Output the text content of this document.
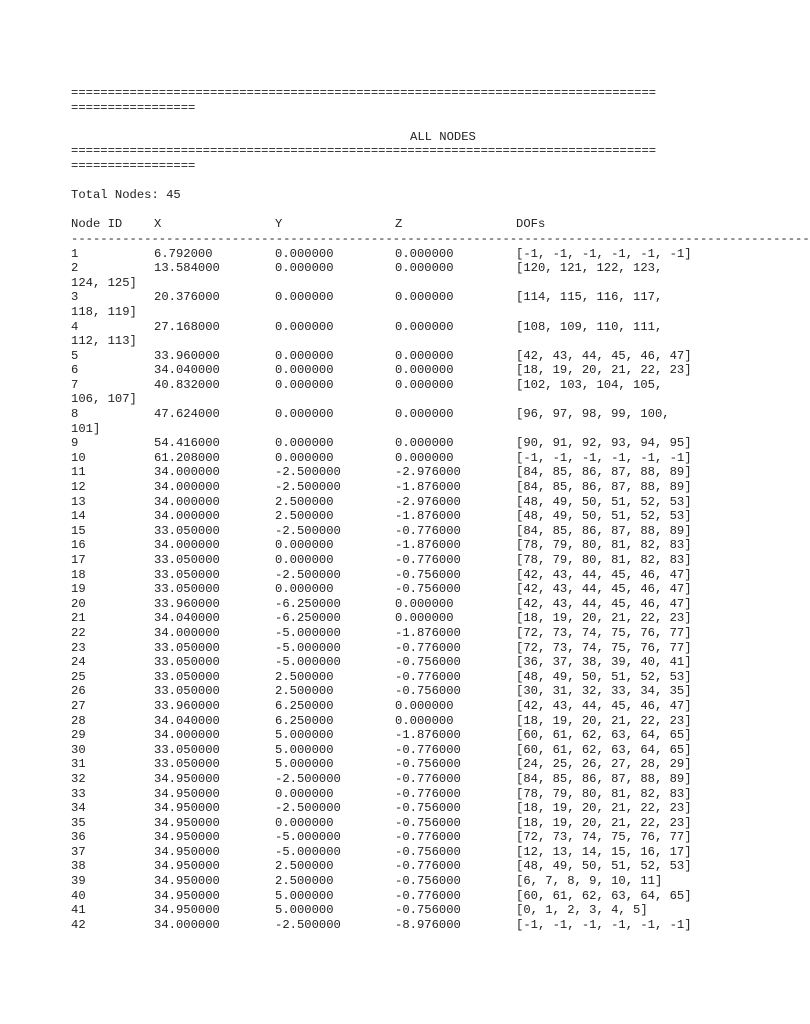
================================================================================
=================

ALL NODES

================================================================================
=================
Total Nodes: 45
Node ID	X	Y	Z	DOFs
-----------------------------------------------------------------------------------------------------
1	6.792000	0.000000	0.000000	[-1, -1, -1, -1, -1, -1]
2	13.584000	0.000000	0.000000	[120, 121, 122, 123,
124, 125]
3	20.376000	0.000000	0.000000	[114, 115, 116, 117,
118, 119]
4	27.168000	0.000000	0.000000	[108, 109, 110, 111,
112, 113]
5	33.960000	0.000000	0.000000	[42, 43, 44, 45, 46, 47]
6	34.040000	0.000000	0.000000	[18, 19, 20, 21, 22, 23]
7	40.832000	0.000000	0.000000	[102, 103, 104, 105,
106, 107]
8	47.624000	0.000000	0.000000	[96, 97, 98, 99, 100,
101]
9	54.416000	0.000000	0.000000	[90, 91, 92, 93, 94, 95]
10	61.208000	0.000000	0.000000	[-1, -1, -1, -1, -1, -1]
11	34.000000	-2.500000	-2.976000	[84, 85, 86, 87, 88, 89]
12	34.000000	-2.500000	-1.876000	[84, 85, 86, 87, 88, 89]
13	34.000000	2.500000	-2.976000	[48, 49, 50, 51, 52, 53]
14	34.000000	2.500000	-1.876000	[48, 49, 50, 51, 52, 53]
15	33.050000	-2.500000	-0.776000	[84, 85, 86, 87, 88, 89]
16	34.000000	0.000000	-1.876000	[78, 79, 80, 81, 82, 83]
17	33.050000	0.000000	-0.776000	[78, 79, 80, 81, 82, 83]
18	33.050000	-2.500000	-0.756000	[42, 43, 44, 45, 46, 47]
19	33.050000	0.000000	-0.756000	[42, 43, 44, 45, 46, 47]
20	33.960000	-6.250000	0.000000	[42, 43, 44, 45, 46, 47]
21	34.040000	-6.250000	0.000000	[18, 19, 20, 21, 22, 23]
22	34.000000	-5.000000	-1.876000	[72, 73, 74, 75, 76, 77]
23	33.050000	-5.000000	-0.776000	[72, 73, 74, 75, 76, 77]
24	33.050000	-5.000000	-0.756000	[36, 37, 38, 39, 40, 41]
25	33.050000	2.500000	-0.776000	[48, 49, 50, 51, 52, 53]
26	33.050000	2.500000	-0.756000	[30, 31, 32, 33, 34, 35]
27	33.960000	6.250000	0.000000	[42, 43, 44, 45, 46, 47]
28	34.040000	6.250000	0.000000	[18, 19, 20, 21, 22, 23]
29	34.000000	5.000000	-1.876000	[60, 61, 62, 63, 64, 65]
30	33.050000	5.000000	-0.776000	[60, 61, 62, 63, 64, 65]
31	33.050000	5.000000	-0.756000	[24, 25, 26, 27, 28, 29]
32	34.950000	-2.500000	-0.776000	[84, 85, 86, 87, 88, 89]
33	34.950000	0.000000	-0.776000	[78, 79, 80, 81, 82, 83]
34	34.950000	-2.500000	-0.756000	[18, 19, 20, 21, 22, 23]
35	34.950000	0.000000	-0.756000	[18, 19, 20, 21, 22, 23]
36	34.950000	-5.000000	-0.776000	[72, 73, 74, 75, 76, 77]
37	34.950000	-5.000000	-0.756000	[12, 13, 14, 15, 16, 17]
38	34.950000	2.500000	-0.776000	[48, 49, 50, 51, 52, 53]
39	34.950000	2.500000	-0.756000	[6, 7, 8, 9, 10, 11]
40	34.950000	5.000000	-0.776000	[60, 61, 62, 63, 64, 65]
41	34.950000	5.000000	-0.756000	[0, 1, 2, 3, 4, 5]
42	34.000000	-2.500000	-8.976000	[-1, -1, -1, -1, -1, -1]
